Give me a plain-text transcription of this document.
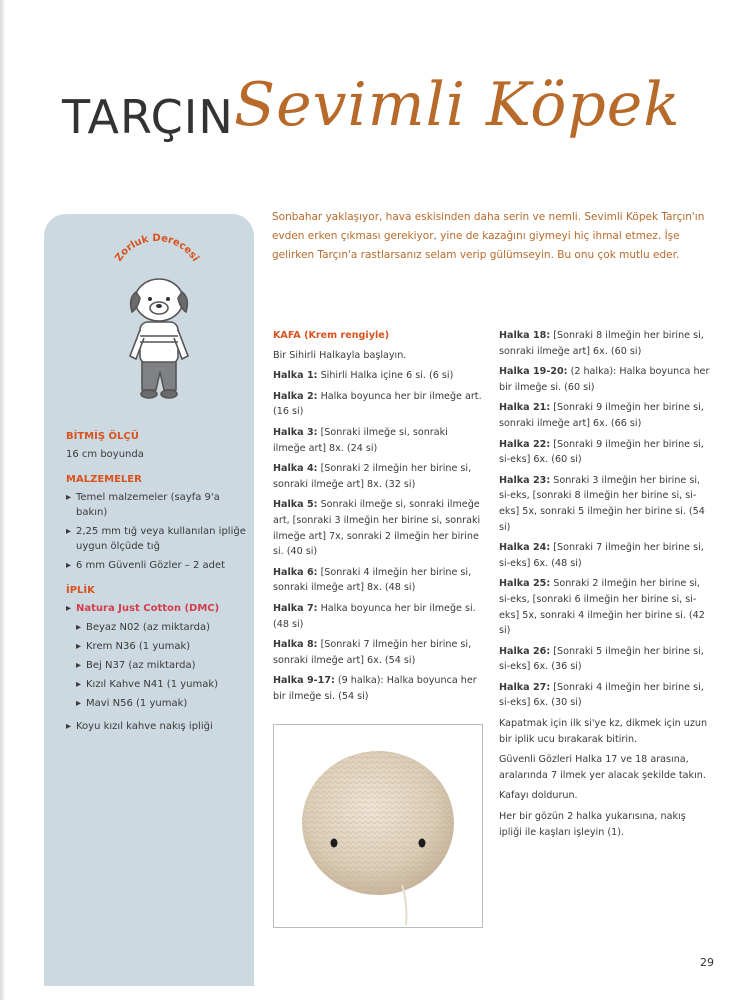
TARÇIN Sevimli Köpek
Zorluk Derecesi
BİTMİŞ ÖLÇÜ
16 cm boyunda
MALZEMELER
▸ Temel malzemeler (sayfa 9'a bakın)
▸ 2,25 mm tığ veya kullanılan ipliğe uygun ölçüde tığ
▸ 6 mm Güvenli Gözler – 2 adet
İPLİK
▸ Natura Just Cotton (DMC)
▸ Beyaz N02 (az miktarda)
▸ Krem N36 (1 yumak)
▸ Bej N37 (az miktarda)
▸ Kızıl Kahve N41 (1 yumak)
▸ Mavi N56 (1 yumak)
▸ Koyu kızıl kahve nakış ipliği
Sonbahar yaklaşıyor, hava eskisinden daha serin ve nemli. Sevimli Köpek Tarçın'ın evden erken çıkması gerekiyor, yine de kazağını giymeyi hiç ihmal etmez. İşe gelirken Tarçın'a rastlarsanız selam verip gülümseyin. Bu onu çok mutlu eder.
KAFA (Krem rengiyle)
Bir Sihirli Halkayla başlayın.
Halka 1: Sihirli Halka içine 6 si. (6 si)
Halka 2: Halka boyunca her bir ilmeğe art. (16 si)
Halka 3: [Sonraki ilmeğe si, sonraki ilmeğe art] 8x. (24 si)
Halka 4: [Sonraki 2 ilmeğin her birine si, sonraki ilmeğe art] 8x. (32 si)
Halka 5: Sonraki ilmeğe si, sonraki ilmeğe art, [sonraki 3 ilmeğin her birine si, sonraki ilmeğe art] 7x, sonraki 2 ilmeğin her birine si. (40 si)
Halka 6: [Sonraki 4 ilmeğin her birine si, sonraki ilmeğe art] 8x. (48 si)
Halka 7: Halka boyunca her bir ilmeğe si. (48 si)
Halka 8: [Sonraki 7 ilmeğin her birine si, sonraki ilmeğe art] 6x. (54 si)
Halka 9-17: (9 halka): Halka boyunca her bir ilmeğe si. (54 si)
Halka 18: [Sonraki 8 ilmeğin her birine si, sonraki ilmeğe art] 6x. (60 si)
Halka 19-20: (2 halka): Halka boyunca her bir ilmeğe si. (60 si)
Halka 21: [Sonraki 9 ilmeğin her birine si, sonraki ilmeğe art] 6x. (66 si)
Halka 22: [Sonraki 9 ilmeğin her birine si, si-eks] 6x. (60 si)
Halka 23: Sonraki 3 ilmeğin her birine si, si-eks, [sonraki 8 ilmeğin her birine si, si-eks] 5x, sonraki 5 ilmeğin her birine si. (54 si)
Halka 24: [Sonraki 7 ilmeğin her birine si, si-eks] 6x. (48 si)
Halka 25: Sonraki 2 ilmeğin her birine si, si-eks, [sonraki 6 ilmeğin her birine si, si-eks] 5x, sonraki 4 ilmeğin her birine si. (42 si)
Halka 26: [Sonraki 5 ilmeğin her birine si, si-eks] 6x. (36 si)
Halka 27: [Sonraki 4 ilmeğin her birine si, si-eks] 6x. (30 si)
Kapatmak için ilk si'ye kz, dikmek için uzun bir iplik ucu bırakarak bitirin.
Güvenli Gözleri Halka 17 ve 18 arasına, aralarında 7 ilmek yer alacak şekilde takın.
Kafayı doldurun.
Her bir gözün 2 halka yukarısına, nakış ipliği ile kaşları işleyin (1).
29
